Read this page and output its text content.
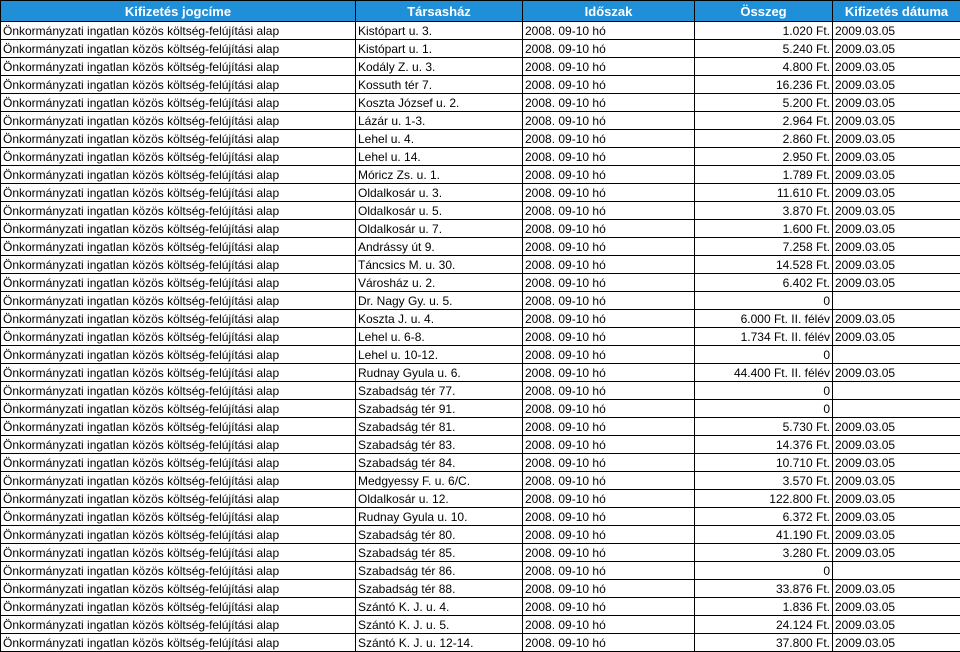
Kifizetés jogcíme	Társasház	Időszak	Összeg	Kifizetés dátuma
Önkormányzati ingatlan közös költség-felújítási alap	Kistópart u. 3.	2008. 09-10 hó	1.020 Ft.	2009.03.05
Önkormányzati ingatlan közös költség-felújítási alap	Kistópart u. 1.	2008. 09-10 hó	5.240 Ft.	2009.03.05
Önkormányzati ingatlan közös költség-felújítási alap	Kodály Z. u. 3.	2008. 09-10 hó	4.800 Ft.	2009.03.05
Önkormányzati ingatlan közös költség-felújítási alap	Kossuth tér 7.	2008. 09-10 hó	16.236 Ft.	2009.03.05
Önkormányzati ingatlan közös költség-felújítási alap	Koszta József u. 2.	2008. 09-10 hó	5.200 Ft.	2009.03.05
Önkormányzati ingatlan közös költség-felújítási alap	Lázár u. 1-3.	2008. 09-10 hó	2.964 Ft.	2009.03.05
Önkormányzati ingatlan közös költség-felújítási alap	Lehel u. 4.	2008. 09-10 hó	2.860 Ft.	2009.03.05
Önkormányzati ingatlan közös költség-felújítási alap	Lehel u. 14.	2008. 09-10 hó	2.950 Ft.	2009.03.05
Önkormányzati ingatlan közös költség-felújítási alap	Móricz Zs. u. 1.	2008. 09-10 hó	1.789 Ft.	2009.03.05
Önkormányzati ingatlan közös költség-felújítási alap	Oldalkosár u. 3.	2008. 09-10 hó	11.610 Ft.	2009.03.05
Önkormányzati ingatlan közös költség-felújítási alap	Oldalkosár u. 5.	2008. 09-10 hó	3.870 Ft.	2009.03.05
Önkormányzati ingatlan közös költség-felújítási alap	Oldalkosár u. 7.	2008. 09-10 hó	1.600 Ft.	2009.03.05
Önkormányzati ingatlan közös költség-felújítási alap	Andrássy út 9.	2008. 09-10 hó	7.258 Ft.	2009.03.05
Önkormányzati ingatlan közös költség-felújítási alap	Táncsics M. u. 30.	2008. 09-10 hó	14.528 Ft.	2009.03.05
Önkormányzati ingatlan közös költség-felújítási alap	Városház u. 2.	2008. 09-10 hó	6.402 Ft.	2009.03.05
Önkormányzati ingatlan közös költség-felújítási alap	Dr. Nagy Gy. u. 5.	2008. 09-10 hó	0	
Önkormányzati ingatlan közös költség-felújítási alap	Koszta J. u. 4.	2008. 09-10 hó	6.000 Ft. II. félév	2009.03.05
Önkormányzati ingatlan közös költség-felújítási alap	Lehel u. 6-8.	2008. 09-10 hó	1.734 Ft. II. félév	2009.03.05
Önkormányzati ingatlan közös költség-felújítási alap	Lehel u. 10-12.	2008. 09-10 hó	0	
Önkormányzati ingatlan közös költség-felújítási alap	Rudnay Gyula u. 6.	2008. 09-10 hó	44.400 Ft. II. félév	2009.03.05
Önkormányzati ingatlan közös költség-felújítási alap	Szabadság tér 77.	2008. 09-10 hó	0	
Önkormányzati ingatlan közös költség-felújítási alap	Szabadság tér 91.	2008. 09-10 hó	0	
Önkormányzati ingatlan közös költség-felújítási alap	Szabadság tér 81.	2008. 09-10 hó	5.730 Ft.	2009.03.05
Önkormányzati ingatlan közös költség-felújítási alap	Szabadság tér 83.	2008. 09-10 hó	14.376 Ft.	2009.03.05
Önkormányzati ingatlan közös költség-felújítási alap	Szabadság tér 84.	2008. 09-10 hó	10.710 Ft.	2009.03.05
Önkormányzati ingatlan közös költség-felújítási alap	Medgyessy F. u. 6/C.	2008. 09-10 hó	3.570 Ft.	2009.03.05
Önkormányzati ingatlan közös költség-felújítási alap	Oldalkosár u. 12.	2008. 09-10 hó	122.800 Ft.	2009.03.05
Önkormányzati ingatlan közös költség-felújítási alap	Rudnay Gyula u. 10.	2008. 09-10 hó	6.372 Ft.	2009.03.05
Önkormányzati ingatlan közös költség-felújítási alap	Szabadság tér 80.	2008. 09-10 hó	41.190 Ft.	2009.03.05
Önkormányzati ingatlan közös költség-felújítási alap	Szabadság tér 85.	2008. 09-10 hó	3.280 Ft.	2009.03.05
Önkormányzati ingatlan közös költség-felújítási alap	Szabadság tér 86.	2008. 09-10 hó	0	
Önkormányzati ingatlan közös költség-felújítási alap	Szabadság tér 88.	2008. 09-10 hó	33.876 Ft.	2009.03.05
Önkormányzati ingatlan közös költség-felújítási alap	Szántó K. J. u. 4.	2008. 09-10 hó	1.836 Ft.	2009.03.05
Önkormányzati ingatlan közös költség-felújítási alap	Szántó K. J. u. 5.	2008. 09-10 hó	24.124 Ft.	2009.03.05
Önkormányzati ingatlan közös költség-felújítási alap	Szántó K. J. u. 12-14.	2008. 09-10 hó	37.800 Ft.	2009.03.05
